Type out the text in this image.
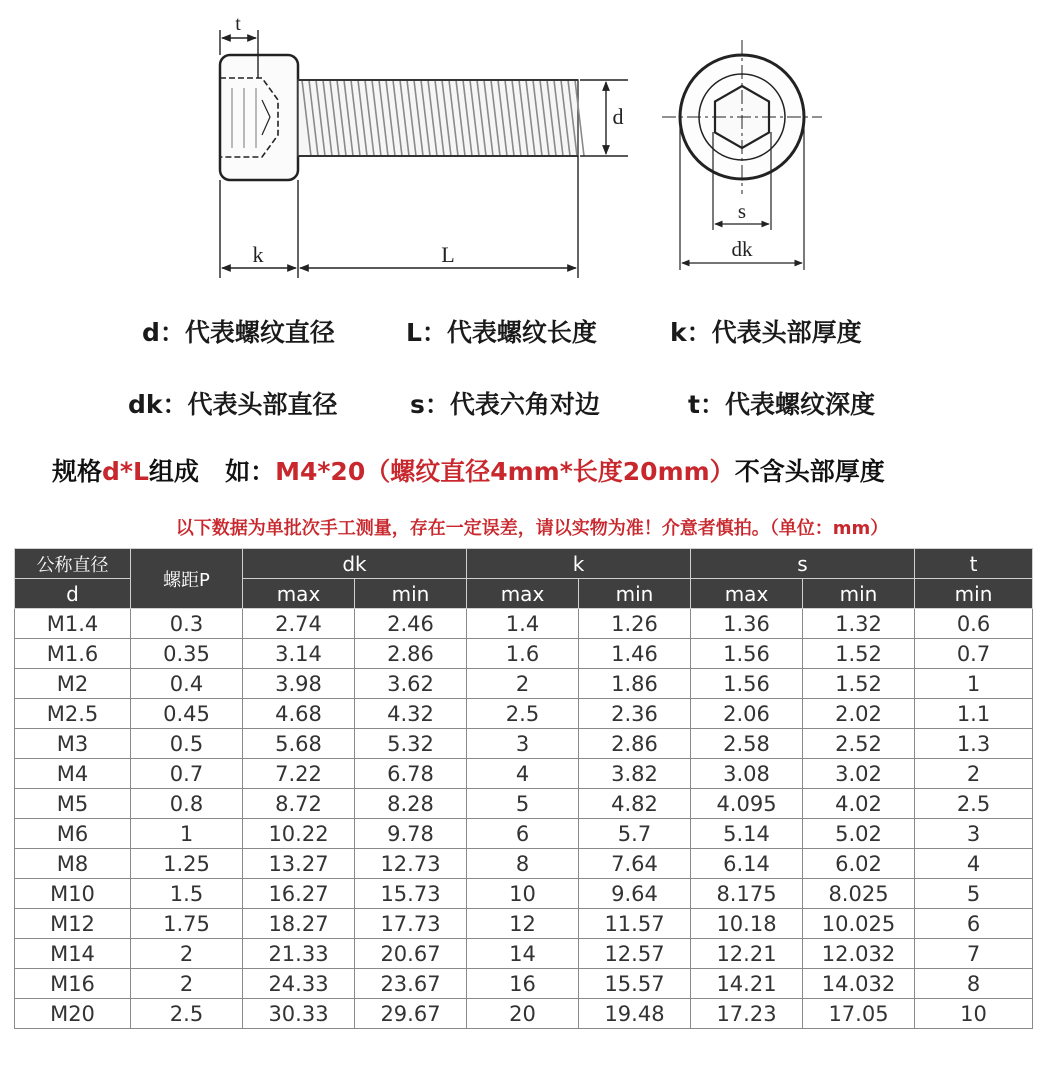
t
d
k	L
s
dk
d：代表螺纹直径	L：代表螺纹长度	k：代表头部厚度
dk：代表头部直径	s：代表六角对边	t：代表螺纹深度
规格d*L组成 如：M4*20（螺纹直径4mm*长度20mm）不含头部厚度
以下数据为单批次手工测量，存在一定误差，请以实物为准！介意者慎拍。（单位：mm）
公称直径	螺距P	dk		k		s		t
d		max	min	max	min	max	min	min
M1.4	0.3	2.74	2.46	1.4	1.26	1.36	1.32	0.6
M1.6	0.35	3.14	2.86	1.6	1.46	1.56	1.52	0.7
M2	0.4	3.98	3.62	2	1.86	1.56	1.52	1
M2.5	0.45	4.68	4.32	2.5	2.36	2.06	2.02	1.1
M3	0.5	5.68	5.32	3	2.86	2.58	2.52	1.3
M4	0.7	7.22	6.78	4	3.82	3.08	3.02	2
M5	0.8	8.72	8.28	5	4.82	4.095	4.02	2.5
M6	1	10.22	9.78	6	5.7	5.14	5.02	3
M8	1.25	13.27	12.73	8	7.64	6.14	6.02	4
M10	1.5	16.27	15.73	10	9.64	8.175	8.025	5
M12	1.75	18.27	17.73	12	11.57	10.18	10.025	6
M14	2	21.33	20.67	14	12.57	12.21	12.032	7
M16	2	24.33	23.67	16	15.57	14.21	14.032	8
M20	2.5	30.33	29.67	20	19.48	17.23	17.05	10
